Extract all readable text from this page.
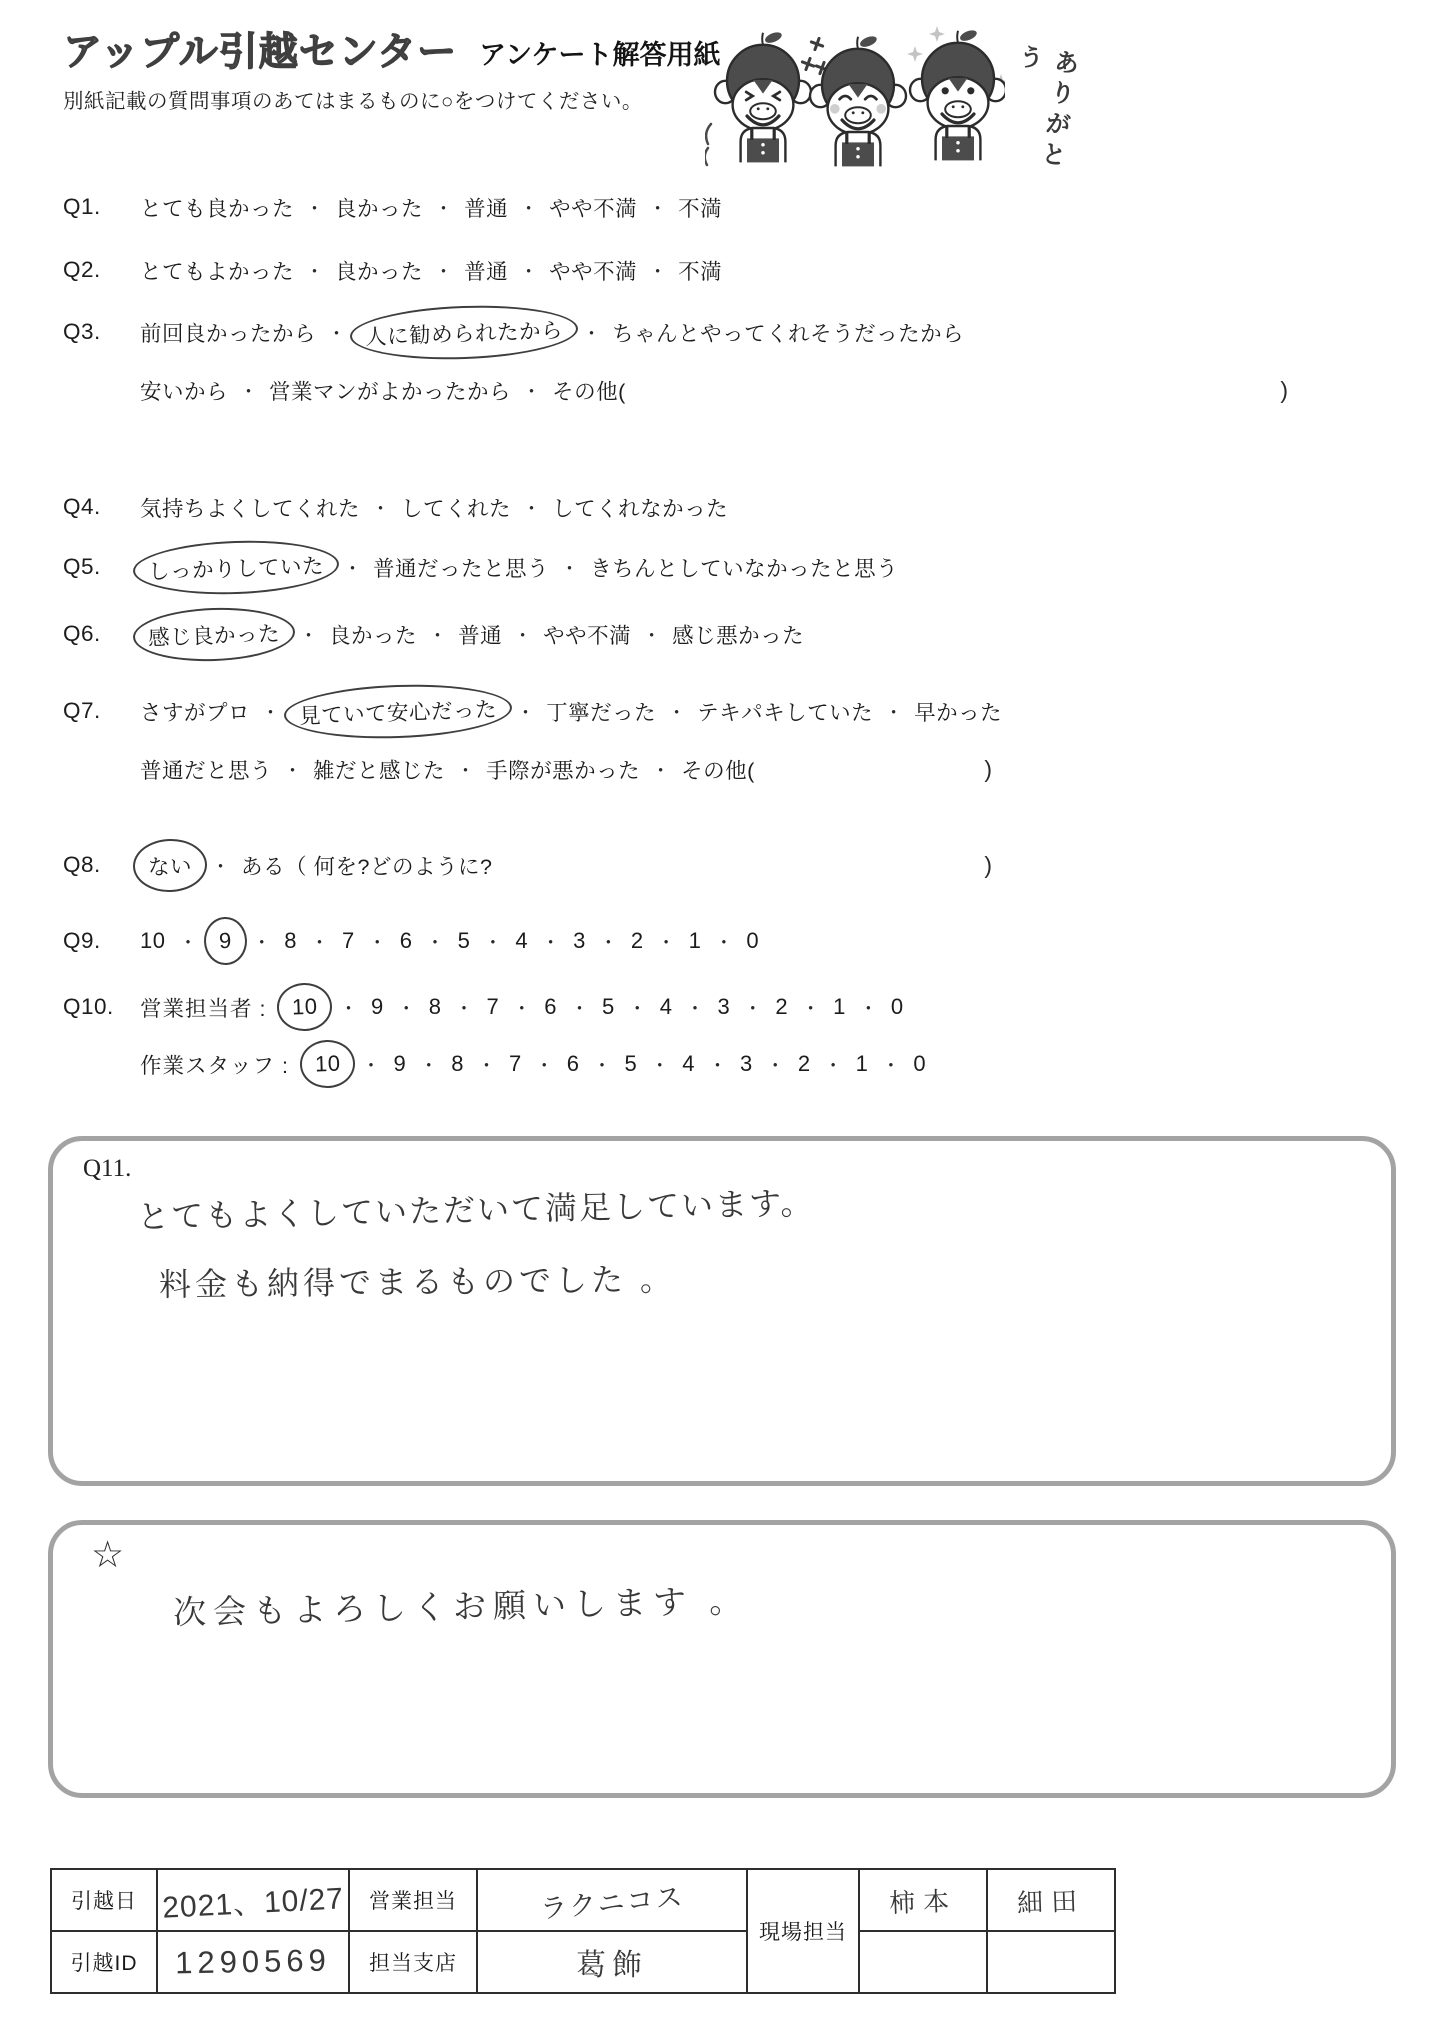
アップル引越センター アンケート解答用紙
別紙記載の質問事項のあてはまるものに○をつけてください。	ありがとう
Q1.	とても良かった ・ 良かった ・ 普通 ・ やや不満 ・ 不満
Q2.	とてもよかった ・ 良かった ・ 普通 ・ やや不満 ・ 不満
Q3.	前回良かったから ・ 人に勧められたから ・ ちゃんとやってくれそうだったから
安いから ・ 営業マンがよかったから ・ その他(	)
Q4.	気持ちよくしてくれた ・ してくれた ・ してくれなかった
Q5.	しっかりしていた ・ 普通だったと思う ・ きちんとしていなかったと思う
Q6.	感じ良かった ・ 良かった ・ 普通 ・ やや不満 ・ 感じ悪かった
Q7.	さすがプロ ・ 見ていて安心だった ・ 丁寧だった ・ テキパキしていた ・ 早かった
普通だと思う ・ 雑だと感じた ・ 手際が悪かった ・ その他(	)
Q8.	ない ・ ある（ 何を?どのように?	)
Q9.	10 ・ 9	・ 8 ・ 7 ・ 6 ・ 5 ・ 4 ・ 3 ・ 2 ・ 1 ・ 0
Q10.	営業担当者 :	10	・ 9 ・ 8 ・ 7 ・ 6 ・ 5 ・ 4 ・ 3 ・ 2 ・ 1 ・ 0
作業スタッフ :	10	・ 9 ・ 8 ・ 7 ・ 6 ・ 5 ・ 4 ・ 3 ・ 2 ・ 1 ・ 0
Q11.
とてもよくしていただいて満足しています。
料金も納得でまるものでした 。
☆
次会もよろしくお願いします 。
引越日	2021、10/27	営業担当	ラクニコス	現場担当	柿本	細田
引越ID	1290569	担当支店	葛飾			
